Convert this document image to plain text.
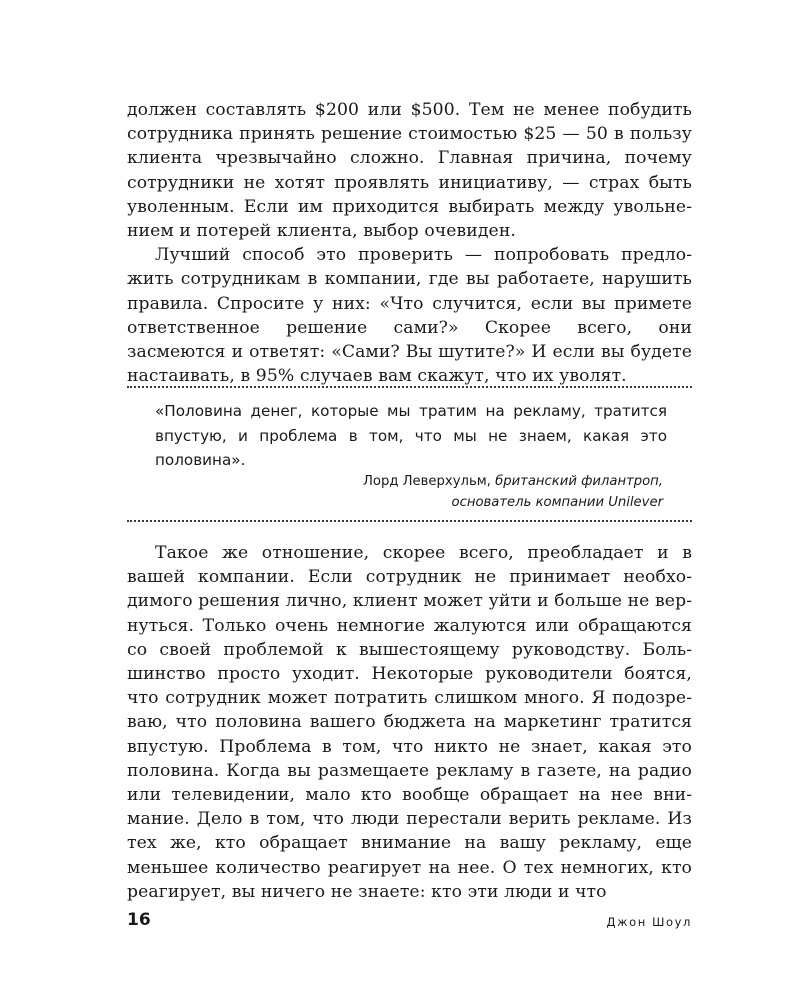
должен составлять $200 или $500. Тем не менее побудить сотрудника принять решение стоимостью $25 — 50 в пользу клиента чрезвычайно сложно. Главная причина, почему сотрудники не хотят проявлять инициативу, — страх быть уволенным. Если им приходится выбирать между увольнением и потерей клиента, выбор очевиден.

Лучший способ это проверить — попробовать предложить сотрудникам в компании, где вы работаете, нарушить правила. Спросите у них: «Что случится, если вы примете ответственное решение сами?» Скорее всего, они засмеются и ответят: «Сами? Вы шутите?» И если вы будете настаивать, в 95% случаев вам скажут, что их уволят.

«Половина денег, которые мы тратим на рекламу, тратится впустую, и проблема в том, что мы не знаем, какая это половина».

Лорд Леверхульм, британский филантроп,
основатель компании Unilever

Такое же отношение, скорее всего, преобладает и в вашей компании. Если сотрудник не принимает необходимого решения лично, клиент может уйти и больше не вернуться. Только очень немногие жалуются или обращаются со своей проблемой к вышестоящему руководству. Большинство просто уходит. Некоторые руководители боятся, что сотрудник может потратить слишком много. Я подозреваю, что половина вашего бюджета на маркетинг тратится впустую. Проблема в том, что никто не знает, какая это половина. Когда вы размещаете рекламу в газете, на радио или телевидении, мало кто вообще обращает на нее внимание. Дело в том, что люди перестали верить рекламе. Из тех же, кто обращает внимание на вашу рекламу, еще меньшее количество реагирует на нее. О тех немногих, кто реагирует, вы ничего не знаете: кто эти люди и что

16	Джон Шоул
